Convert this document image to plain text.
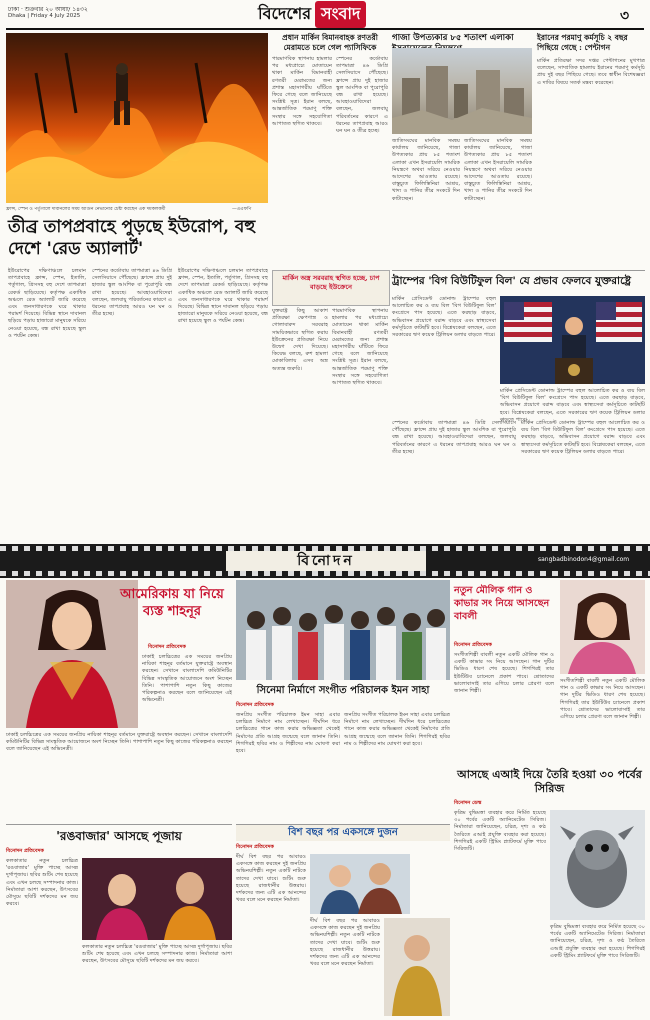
ঢাকা ‧ শুক্রবার ২০ আষাঢ় ১৪৩২
Dhaka | Friday 4 July 2025	বিদেশের সংবাদ	৩
ফ্রান্স, স্পেন ও পর্তুগালে দাবানলের সময় আগুন নেভানোর চেষ্টা করছেন এক দমকলকর্মী	—এএফপি
তীব্র তাপপ্রবাহে পুড়ছে ইউরোপ, বহু দেশে 'রেড অ্যালার্ট'
ইউরোপের দক্ষিণাঞ্চলে চলমান তাপপ্রবাহে ফ্রান্স, স্পেন, ইতালি, পর্তুগাল, গ্রিসসহ বহু দেশে তাপমাত্রা রেকর্ড ছাড়িয়েছে। কর্তৃপক্ষ একাধিক অঞ্চলে রেড অ্যালার্ট জারি করেছে এবং জনসাধারণকে ঘরে থাকার পরামর্শ দিয়েছে। বিভিন্ন স্থানে দাবানল ছড়িয়ে পড়ায় হাজারো মানুষকে সরিয়ে নেওয়া হয়েছে, বন্ধ রাখা হয়েছে স্কুল ও পর্যটন কেন্দ্র।
স্পেনের কর্ডোবায় তাপমাত্রা ৪৬ ডিগ্রি সেলসিয়াসে পৌঁছেছে। ফ্রান্সে প্রায় দুই হাজার স্কুল আংশিক বা পুরোপুরি বন্ধ রাখা হয়েছে। আবহাওয়াবিদেরা বলছেন, জলবায়ু পরিবর্তনের কারণে এ ধরনের তাপপ্রবাহ আরও ঘন ঘন ও তীব্র হচ্ছে।
ইউরোপের দক্ষিণাঞ্চলে চলমান তাপপ্রবাহে ফ্রান্স, স্পেন, ইতালি, পর্তুগাল, গ্রিসসহ বহু দেশে তাপমাত্রা রেকর্ড ছাড়িয়েছে। কর্তৃপক্ষ একাধিক অঞ্চলে রেড অ্যালার্ট জারি করেছে এবং জনসাধারণকে ঘরে থাকার পরামর্শ দিয়েছে। বিভিন্ন স্থানে দাবানল ছড়িয়ে পড়ায় হাজারো মানুষকে সরিয়ে নেওয়া হয়েছে, বন্ধ রাখা হয়েছে স্কুল ও পর্যটন কেন্দ্র।
প্রধান মার্কিন বিমানবাহক রণতরী মেরামতে চলে গেল প্যাসিফিকে
পারমাণবিক স্থাপনায় হামলার পর মধ্যপ্রাচ্যে মোতায়েন থাকা মার্কিন বিমানবাহী রণতরী মেরামতের জন্য প্রশান্ত মহাসাগরীয় ঘাঁটিতে ফিরে গেছে বলে জানিয়েছে সংশ্লিষ্ট সূত্র। ইরান বলছে, আন্তর্জাতিক পরমাণু শক্তি সংস্থার সঙ্গে সহযোগিতা আপাতত স্থগিত থাকবে।
স্পেনের কর্ডোবায় তাপমাত্রা ৪৬ ডিগ্রি সেলসিয়াসে পৌঁছেছে। ফ্রান্সে প্রায় দুই হাজার স্কুল আংশিক বা পুরোপুরি বন্ধ রাখা হয়েছে। আবহাওয়াবিদেরা বলছেন, জলবায়ু পরিবর্তনের কারণে এ ধরনের তাপপ্রবাহ আরও ঘন ঘন ও তীব্র হচ্ছে।
মার্কিন অস্ত্র সরবরাহ স্থগিত হচ্ছে, চাপ বাড়ছে ইউক্রেনে
যুক্তরাষ্ট্র কিছু আকাশ প্রতিরক্ষা ক্ষেপণাস্ত্র ও গোলাবারুদ সরবরাহ সাময়িকভাবে স্থগিত করায় ইউক্রেনের প্রতিরক্ষা নিয়ে উদ্বেগ দেখা দিয়েছে। কিয়েভ বলছে, রুশ হামলা মোকাবিলায় এসব অস্ত্র অত্যন্ত জরুরি।
পারমাণবিক স্থাপনায় হামলার পর মধ্যপ্রাচ্যে মোতায়েন থাকা মার্কিন বিমানবাহী রণতরী মেরামতের জন্য প্রশান্ত মহাসাগরীয় ঘাঁটিতে ফিরে গেছে বলে জানিয়েছে সংশ্লিষ্ট সূত্র। ইরান বলছে, আন্তর্জাতিক পরমাণু শক্তি সংস্থার সঙ্গে সহযোগিতা আপাতত স্থগিত থাকবে।
গাজা উপত্যকার ৮৫ শতাংশ এলাকা
জাতিসংঘের মানবিক সমন্বয় কার্যালয় জানিয়েছে, গাজা উপত্যকার প্রায় ৮৫ শতাংশ এলাকা এখন ইসরায়েলি সামরিক নিয়ন্ত্রণে অথবা সরিয়ে নেওয়ার আদেশের আওতায় রয়েছে। বাস্তুচ্যুত ফিলিস্তিনিরা আশ্রয়, খাদ্য ও পানির তীব্র সংকটে দিন কাটাচ্ছেন।
জাতিসংঘের মানবিক সমন্বয় কার্যালয় জানিয়েছে, গাজা উপত্যকার প্রায় ৮৫ শতাংশ এলাকা এখন ইসরায়েলি সামরিক নিয়ন্ত্রণে অথবা সরিয়ে নেওয়ার আদেশের আওতায় রয়েছে। বাস্তুচ্যুত ফিলিস্তিনিরা আশ্রয়, খাদ্য ও পানির তীব্র সংকটে দিন কাটাচ্ছেন।
ইরানের পরমাণু কর্মসূচি ২ বছর পিছিয়ে গেছে : পেন্টাগন
মার্কিন প্রতিরক্ষা সদর দপ্তর পেন্টাগনের মুখপাত্র বলেছেন, সাম্প্রতিক হামলায় ইরানের পরমাণু কর্মসূচি প্রায় দুই বছর পিছিয়ে গেছে। তবে স্বাধীন বিশেষজ্ঞরা এ দাবির বিষয়ে সতর্ক মন্তব্য করেছেন।
ট্রাম্পের 'বিগ বিউটিফুল বিল' যে প্রভাব ফেলবে যুক্তরাষ্ট্রে
মার্কিন প্রেসিডেন্ট ডোনাল্ড ট্রাম্পের বহুল আলোচিত কর ও ব্যয় বিল 'বিগ বিউটিফুল বিল' কংগ্রেসে পাস হয়েছে। এতে করছাড় বাড়বে, অভিবাসন প্রয়োগে বরাদ্দ বাড়বে এবং স্বাস্থ্যসেবা কর্মসূচিতে কাটছাঁট হবে। বিশ্লেষকেরা বলছেন, এতে সরকারের ঋণ কয়েক ট্রিলিয়ন ডলার বাড়তে পারে।
মার্কিন প্রেসিডেন্ট ডোনাল্ড ট্রাম্পের বহুল আলোচিত কর ও ব্যয় বিল 'বিগ বিউটিফুল বিল' কংগ্রেসে পাস হয়েছে। এতে করছাড় বাড়বে, অভিবাসন প্রয়োগে বরাদ্দ বাড়বে এবং স্বাস্থ্যসেবা কর্মসূচিতে কাটছাঁট হবে। বিশ্লেষকেরা বলছেন, এতে সরকারের ঋণ কয়েক ট্রিলিয়ন ডলার বাড়তে পারে।
স্পেনের কর্ডোবায় তাপমাত্রা ৪৬ ডিগ্রি সেলসিয়াসে পৌঁছেছে। ফ্রান্সে প্রায় দুই হাজার স্কুল আংশিক বা পুরোপুরি বন্ধ রাখা হয়েছে। আবহাওয়াবিদেরা বলছেন, জলবায়ু পরিবর্তনের কারণে এ ধরনের তাপপ্রবাহ আরও ঘন ঘন ও তীব্র হচ্ছে।
মার্কিন প্রেসিডেন্ট ডোনাল্ড ট্রাম্পের বহুল আলোচিত কর ও ব্যয় বিল 'বিগ বিউটিফুল বিল' কংগ্রেসে পাস হয়েছে। এতে করছাড় বাড়বে, অভিবাসন প্রয়োগে বরাদ্দ বাড়বে এবং স্বাস্থ্যসেবা কর্মসূচিতে কাটছাঁট হবে। বিশ্লেষকেরা বলছেন, এতে সরকারের ঋণ কয়েক ট্রিলিয়ন ডলার বাড়তে পারে।
বিনোদন	sangbadbinodon4@gmail.com
আমেরিকায় যা নিয়ে ব্যস্ত শাহনূর
বিনোদন প্রতিবেদক
ঢাকাই চলচ্চিত্রের এক সময়ের জনপ্রিয় নায়িকা শাহনূর বর্তমানে যুক্তরাষ্ট্রে অবস্থান করছেন। সেখানে বাংলাদেশি কমিউনিটির বিভিন্ন সাংস্কৃতিক আয়োজনে অংশ নিচ্ছেন তিনি। পাশাপাশি নতুন কিছু কাজের পরিকল্পনাও করছেন বলে জানিয়েছেন এই অভিনেত্রী।
ঢাকাই চলচ্চিত্রের এক সময়ের জনপ্রিয় নায়িকা শাহনূর বর্তমানে যুক্তরাষ্ট্রে অবস্থান করছেন। সেখানে বাংলাদেশি কমিউনিটির বিভিন্ন সাংস্কৃতিক আয়োজনে অংশ নিচ্ছেন তিনি। পাশাপাশি নতুন কিছু কাজের পরিকল্পনাও করছেন বলে জানিয়েছেন এই অভিনেত্রী।
সিনেমা নির্মাণে সংগীত পরিচালক ইমন সাহা
বিনোদন প্রতিবেদক
জনপ্রিয় সংগীত পরিচালক ইমন সাহা এবার চলচ্চিত্র নির্মাণে নাম লেখাচ্ছেন। দীর্ঘদিন ধরে চলচ্চিত্রের গানে কাজ করার অভিজ্ঞতা থেকেই নির্মাণের প্রতি আগ্রহ জন্মেছে বলে জানান তিনি। শিগগিরই ছবির নাম ও শিল্পীদের নাম ঘোষণা করা হবে।
জনপ্রিয় সংগীত পরিচালক ইমন সাহা এবার চলচ্চিত্র নির্মাণে নাম লেখাচ্ছেন। দীর্ঘদিন ধরে চলচ্চিত্রের গানে কাজ করার অভিজ্ঞতা থেকেই নির্মাণের প্রতি আগ্রহ জন্মেছে বলে জানান তিনি। শিগগিরই ছবির নাম ও শিল্পীদের নাম ঘোষণা করা হবে।
নতুন মৌলিক গান ও কাভার সং নিয়ে আসছেন বাবলী
বিনোদন প্রতিবেদক
সংগীতশিল্পী বাবলী নতুন একটি মৌলিক গান ও একটি কাভার সং নিয়ে আসছেন। গান দুটির ভিডিও ধারণ শেষ হয়েছে। শিগগিরই তার ইউটিউব চ্যানেলে প্রকাশ পাবে। শ্রোতাদের ভালোবাসাই তার এগিয়ে চলার প্রেরণা বলে জানান শিল্পী।
সংগীতশিল্পী বাবলী নতুন একটি মৌলিক গান ও একটি কাভার সং নিয়ে আসছেন। গান দুটির ভিডিও ধারণ শেষ হয়েছে। শিগগিরই তার ইউটিউব চ্যানেলে প্রকাশ পাবে। শ্রোতাদের ভালোবাসাই তার এগিয়ে চলার প্রেরণা বলে জানান শিল্পী।
আসছে এআই দিয়ে তৈরি হওয়া ৩০ পর্বের সিরিজ
বিনোদন ডেস্ক
কৃত্রিম বুদ্ধিমত্তা ব্যবহার করে নির্মিত হয়েছে ৩০ পর্বের একটি অ্যানিমেটেড সিরিজ। নির্মাতারা জানিয়েছেন, চরিত্র, দৃশ্য ও কণ্ঠ তৈরিতে এআই প্রযুক্তি ব্যবহার করা হয়েছে। শিগগিরই একটি স্ট্রিমিং প্ল্যাটফর্মে মুক্তি পাবে সিরিজটি।
কৃত্রিম বুদ্ধিমত্তা ব্যবহার করে নির্মিত হয়েছে ৩০ পর্বের একটি অ্যানিমেটেড সিরিজ। নির্মাতারা জানিয়েছেন, চরিত্র, দৃশ্য ও কণ্ঠ তৈরিতে এআই প্রযুক্তি ব্যবহার করা হয়েছে। শিগগিরই একটি স্ট্রিমিং প্ল্যাটফর্মে মুক্তি পাবে সিরিজটি।
'রঙবাজার' আসছে পূজায়
বিনোদন প্রতিবেদক
কলকাতার নতুন চলচ্চিত্র 'রঙবাজার' মুক্তি পাচ্ছে আসন্ন দুর্গাপূজায়। ছবির শুটিং শেষ হয়েছে এবং এখন চলছে সম্পাদনার কাজ। নির্মাতারা আশা করছেন, উৎসবের মৌসুমে ছবিটি দর্শকদের মন জয় করবে।
কলকাতার নতুন চলচ্চিত্র 'রঙবাজার' মুক্তি পাচ্ছে আসন্ন দুর্গাপূজায়। ছবির শুটিং শেষ হয়েছে এবং এখন চলছে সম্পাদনার কাজ। নির্মাতারা আশা করছেন, উৎসবের মৌসুমে ছবিটি দর্শকদের মন জয় করবে।
বিশ বছর পর একসঙ্গে দুজন
বিনোদন প্রতিবেদক
দীর্ঘ বিশ বছর পর আবারও একসঙ্গে কাজ করছেন দুই জনপ্রিয় অভিনয়শিল্পী। নতুন একটি নাটকে তাদের দেখা যাবে। শুটিং শুরু হয়েছে রাজধানীর উত্তরায়। দর্শকদের জন্য এটি এক আনন্দের খবর বলে মনে করছেন নির্মাতা।
দীর্ঘ বিশ বছর পর আবারও একসঙ্গে কাজ করছেন দুই জনপ্রিয় অভিনয়শিল্পী। নতুন একটি নাটকে তাদের দেখা যাবে। শুটিং শুরু হয়েছে রাজধানীর উত্তরায়। দর্শকদের জন্য এটি এক আনন্দের খবর বলে মনে করছেন নির্মাতা।
